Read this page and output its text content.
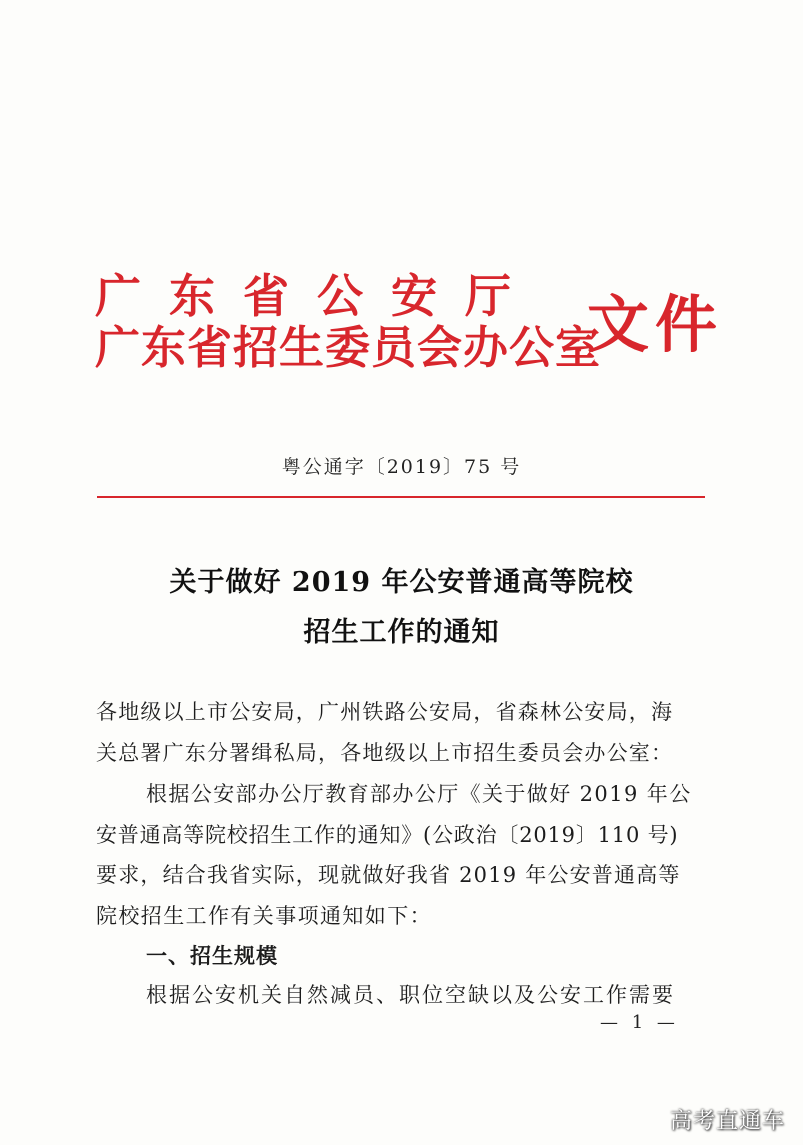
广东省公安厅
广东省招生委员会办公室
文件
粤公通字〔2019〕75 号
关于做好 2019 年公安普通高等院校
招生工作的通知
各地级以上市公安局，广州铁路公安局，省森林公安局，海
关总署广东分署缉私局，各地级以上市招生委员会办公室：
根据公安部办公厅教育部办公厅《关于做好 2019 年公
安普通高等院校招生工作的通知》(公政治〔2019〕110 号)
要求，结合我省实际，现就做好我省 2019 年公安普通高等
院校招生工作有关事项通知如下：
一、招生规模
根据公安机关自然减员、职位空缺以及公安工作需要
— 1 —
高考直通车
